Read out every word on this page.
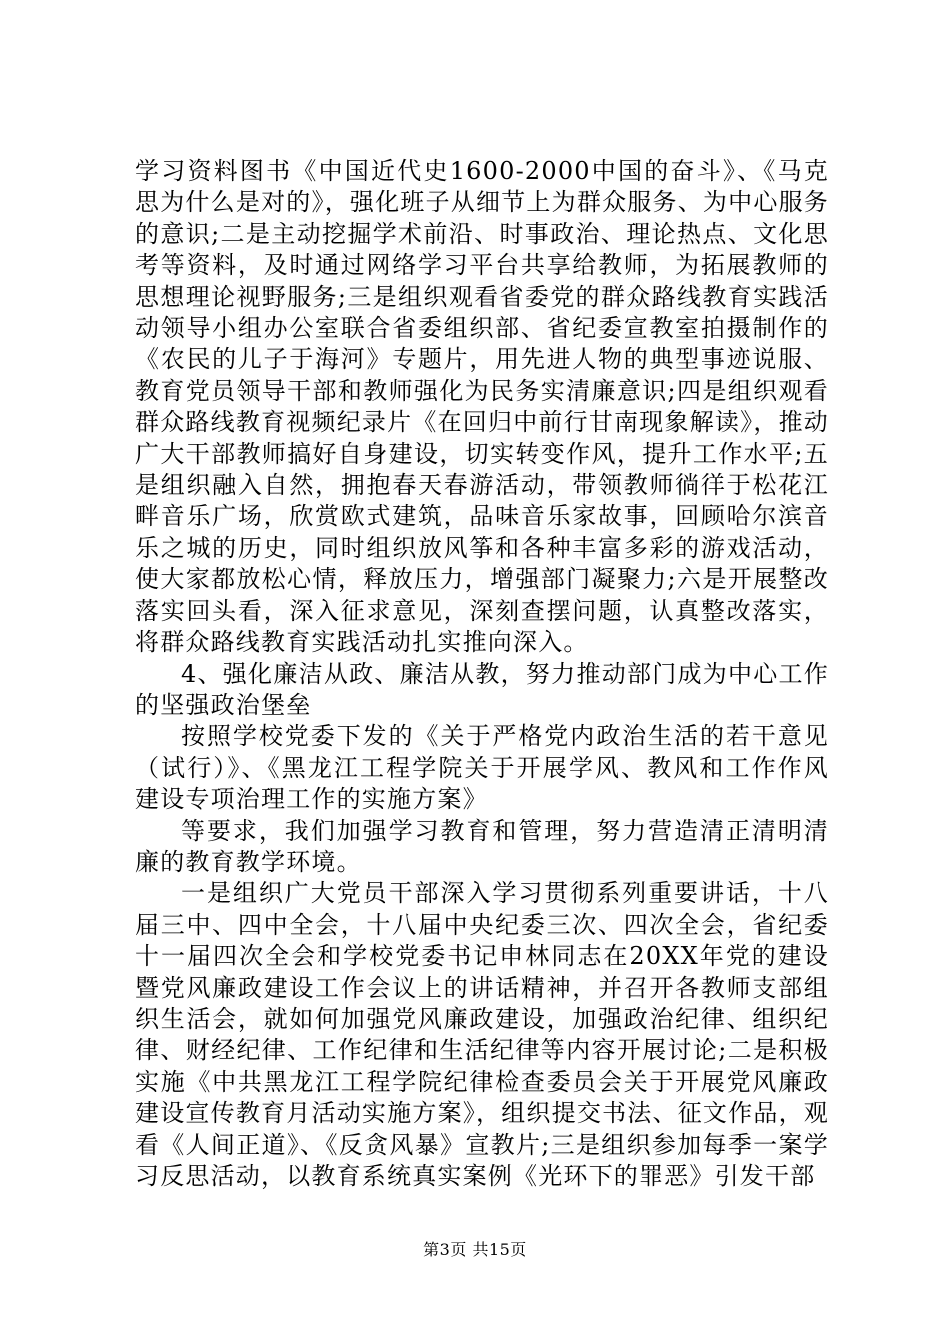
学习资料图书《中国近代史1600-2000中国的奋斗》、《马克思为什么是对的》，强化班子从细节上为群众服务、为中心服务的意识;二是主动挖掘学术前沿、时事政治、理论热点、文化思考等资料，及时通过网络学习平台共享给教师，为拓展教师的思想理论视野服务;三是组织观看省委党的群众路线教育实践活动领导小组办公室联合省委组织部、省纪委宣教室拍摄制作的《农民的儿子于海河》专题片，用先进人物的典型事迹说服、教育党员领导干部和教师强化为民务实清廉意识;四是组织观看群众路线教育视频纪录片《在回归中前行甘南现象解读》，推动广大干部教师搞好自身建设，切实转变作风，提升工作水平;五是组织融入自然，拥抱春天春游活动，带领教师徜徉于松花江畔音乐广场，欣赏欧式建筑，品味音乐家故事，回顾哈尔滨音乐之城的历史，同时组织放风筝和各种丰富多彩的游戏活动，使大家都放松心情，释放压力，增强部门凝聚力;六是开展整改落实回头看，深入征求意见，深刻查摆问题，认真整改落实，将群众路线教育实践活动扎实推向深入。

4、强化廉洁从政、廉洁从教，努力推动部门成为中心工作的坚强政治堡垒

按照学校党委下发的《关于严格党内政治生活的若干意见（试行）》、《黑龙江工程学院关于开展学风、教风和工作作风建设专项治理工作的实施方案》

等要求，我们加强学习教育和管理，努力营造清正清明清廉的教育教学环境。

一是组织广大党员干部深入学习贯彻系列重要讲话，十八届三中、四中全会，十八届中央纪委三次、四次全会，省纪委十一届四次全会和学校党委书记申林同志在20XX年党的建设暨党风廉政建设工作会议上的讲话精神，并召开各教师支部组织生活会，就如何加强党风廉政建设，加强政治纪律、组织纪律、财经纪律、工作纪律和生活纪律等内容开展讨论;二是积极实施《中共黑龙江工程学院纪律检查委员会关于开展党风廉政建设宣传教育月活动实施方案》，组织提交书法、征文作品，观看《人间正道》、《反贪风暴》宣教片;三是组织参加每季一案学习反思活动，以教育系统真实案例《光环下的罪恶》引发干部

第3页 共15页
